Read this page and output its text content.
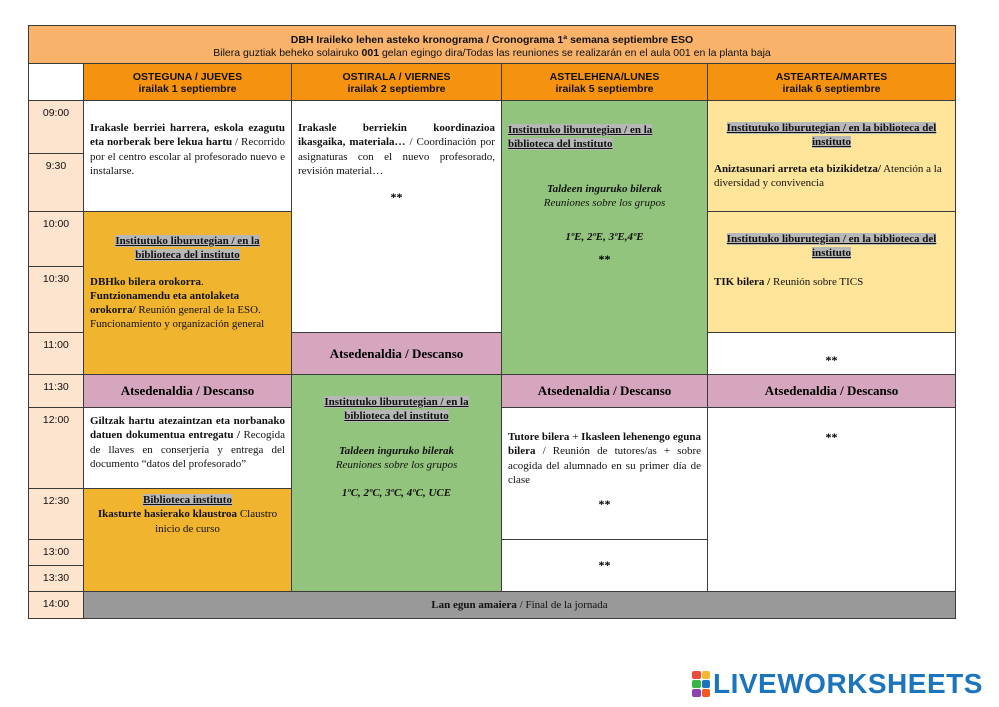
DBH Iraileko lehen asteko kronograma / Cronograma 1ª semana septiembre ESO
Bilera guztiak beheko solairuko 001 gelan egingo dira/Todas las reuniones se realizarán en el aula 001 en la planta baja
OSTEGUNA / JUEVES
irailak 1 septiembre
OSTIRALA / VIERNES
irailak 2 septiembre
ASTELEHENA/LUNES
irailak 5 septiembre
ASTEARTEA/MARTES
irailak 6 septiembre
09:00
9:30
10:00
10:30
11:00
11:30
12:00
12:30
13:00
13:30
14:00
Irakasle berriei harrera, eskola ezagutu eta norberak bere lekua hartu / Recorrido por el centro escolar al profesorado nuevo e instalarse.
Institutuko liburutegian / en la biblioteca del instituto
DBHko bilera orokorra.
Funtzionamendu eta antolaketa orokorra/ Reunión general de la ESO. Funcionamiento y organización general
Atsedenaldia / Descanso
Giltzak hartu atezaintzan eta norbanako datuen dokumentua entregatu / Recogida de llaves en conserjería y entrega del documento “datos del profesorado”
Biblioteca instituto
Ikasturte hasierako klaustroa Claustro inicio de curso
Irakasle berriekin koordinazioa ikasgaika, materiala… / Coordinación por asignaturas con el nuevo profesorado, revisión material…
**
Atsedenaldia / Descanso
Institutuko liburutegian / en la biblioteca del instituto
Taldeen inguruko bilerak
Reuniones sobre los grupos
1ºC, 2ºC, 3ºC, 4ºC, UCE
Institutuko liburutegian / en la biblioteca del instituto
Taldeen inguruko bilerak
Reuniones sobre los grupos
1ºE, 2ºE, 3ºE,4ºE
**
Atsedenaldia / Descanso
Tutore bilera + Ikasleen lehenengo eguna bilera / Reunión de tutores/as + sobre acogida del alumnado en su primer día de clase
**
**
Institutuko liburutegian / en la biblioteca del instituto
Aniztasunari arreta eta bizikidetza/ Atención a la diversidad y convivencia
Institutuko liburutegian / en la biblioteca del instituto
TIK bilera / Reunión sobre TICS
**
Atsedenaldia / Descanso
**
Lan egun amaiera / Final de la jornada
LIVEWORKSHEETS
